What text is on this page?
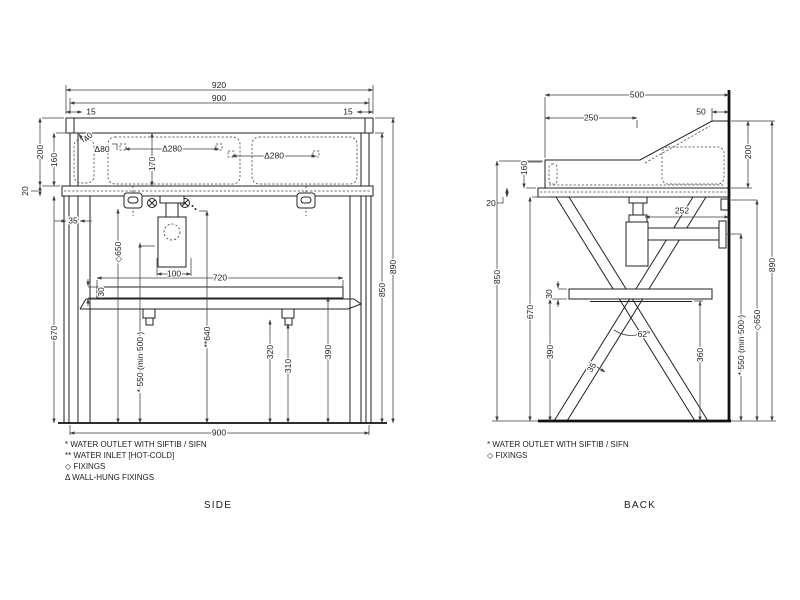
920
900
15	15
200
160
20
40
Δ80	Δ280
Δ280
170
35
670
◇650
100	720
30
* 550 (min 500 )	**640
320
310
390
850
890
900
* WATER OUTLET WITH SIFTIB / SIFN
** WATER INLET [HOT-COLD]
◇ FIXINGS
Δ WALL-HUNG FIXINGS
SIDE
500
250
50
160
20
850
670
390
30
252
62°
35
360
200
* 550 (min 500 ) ◇650
890
* WATER OUTLET WITH SIFTIB / SIFN
◇ FIXINGS
BACK
